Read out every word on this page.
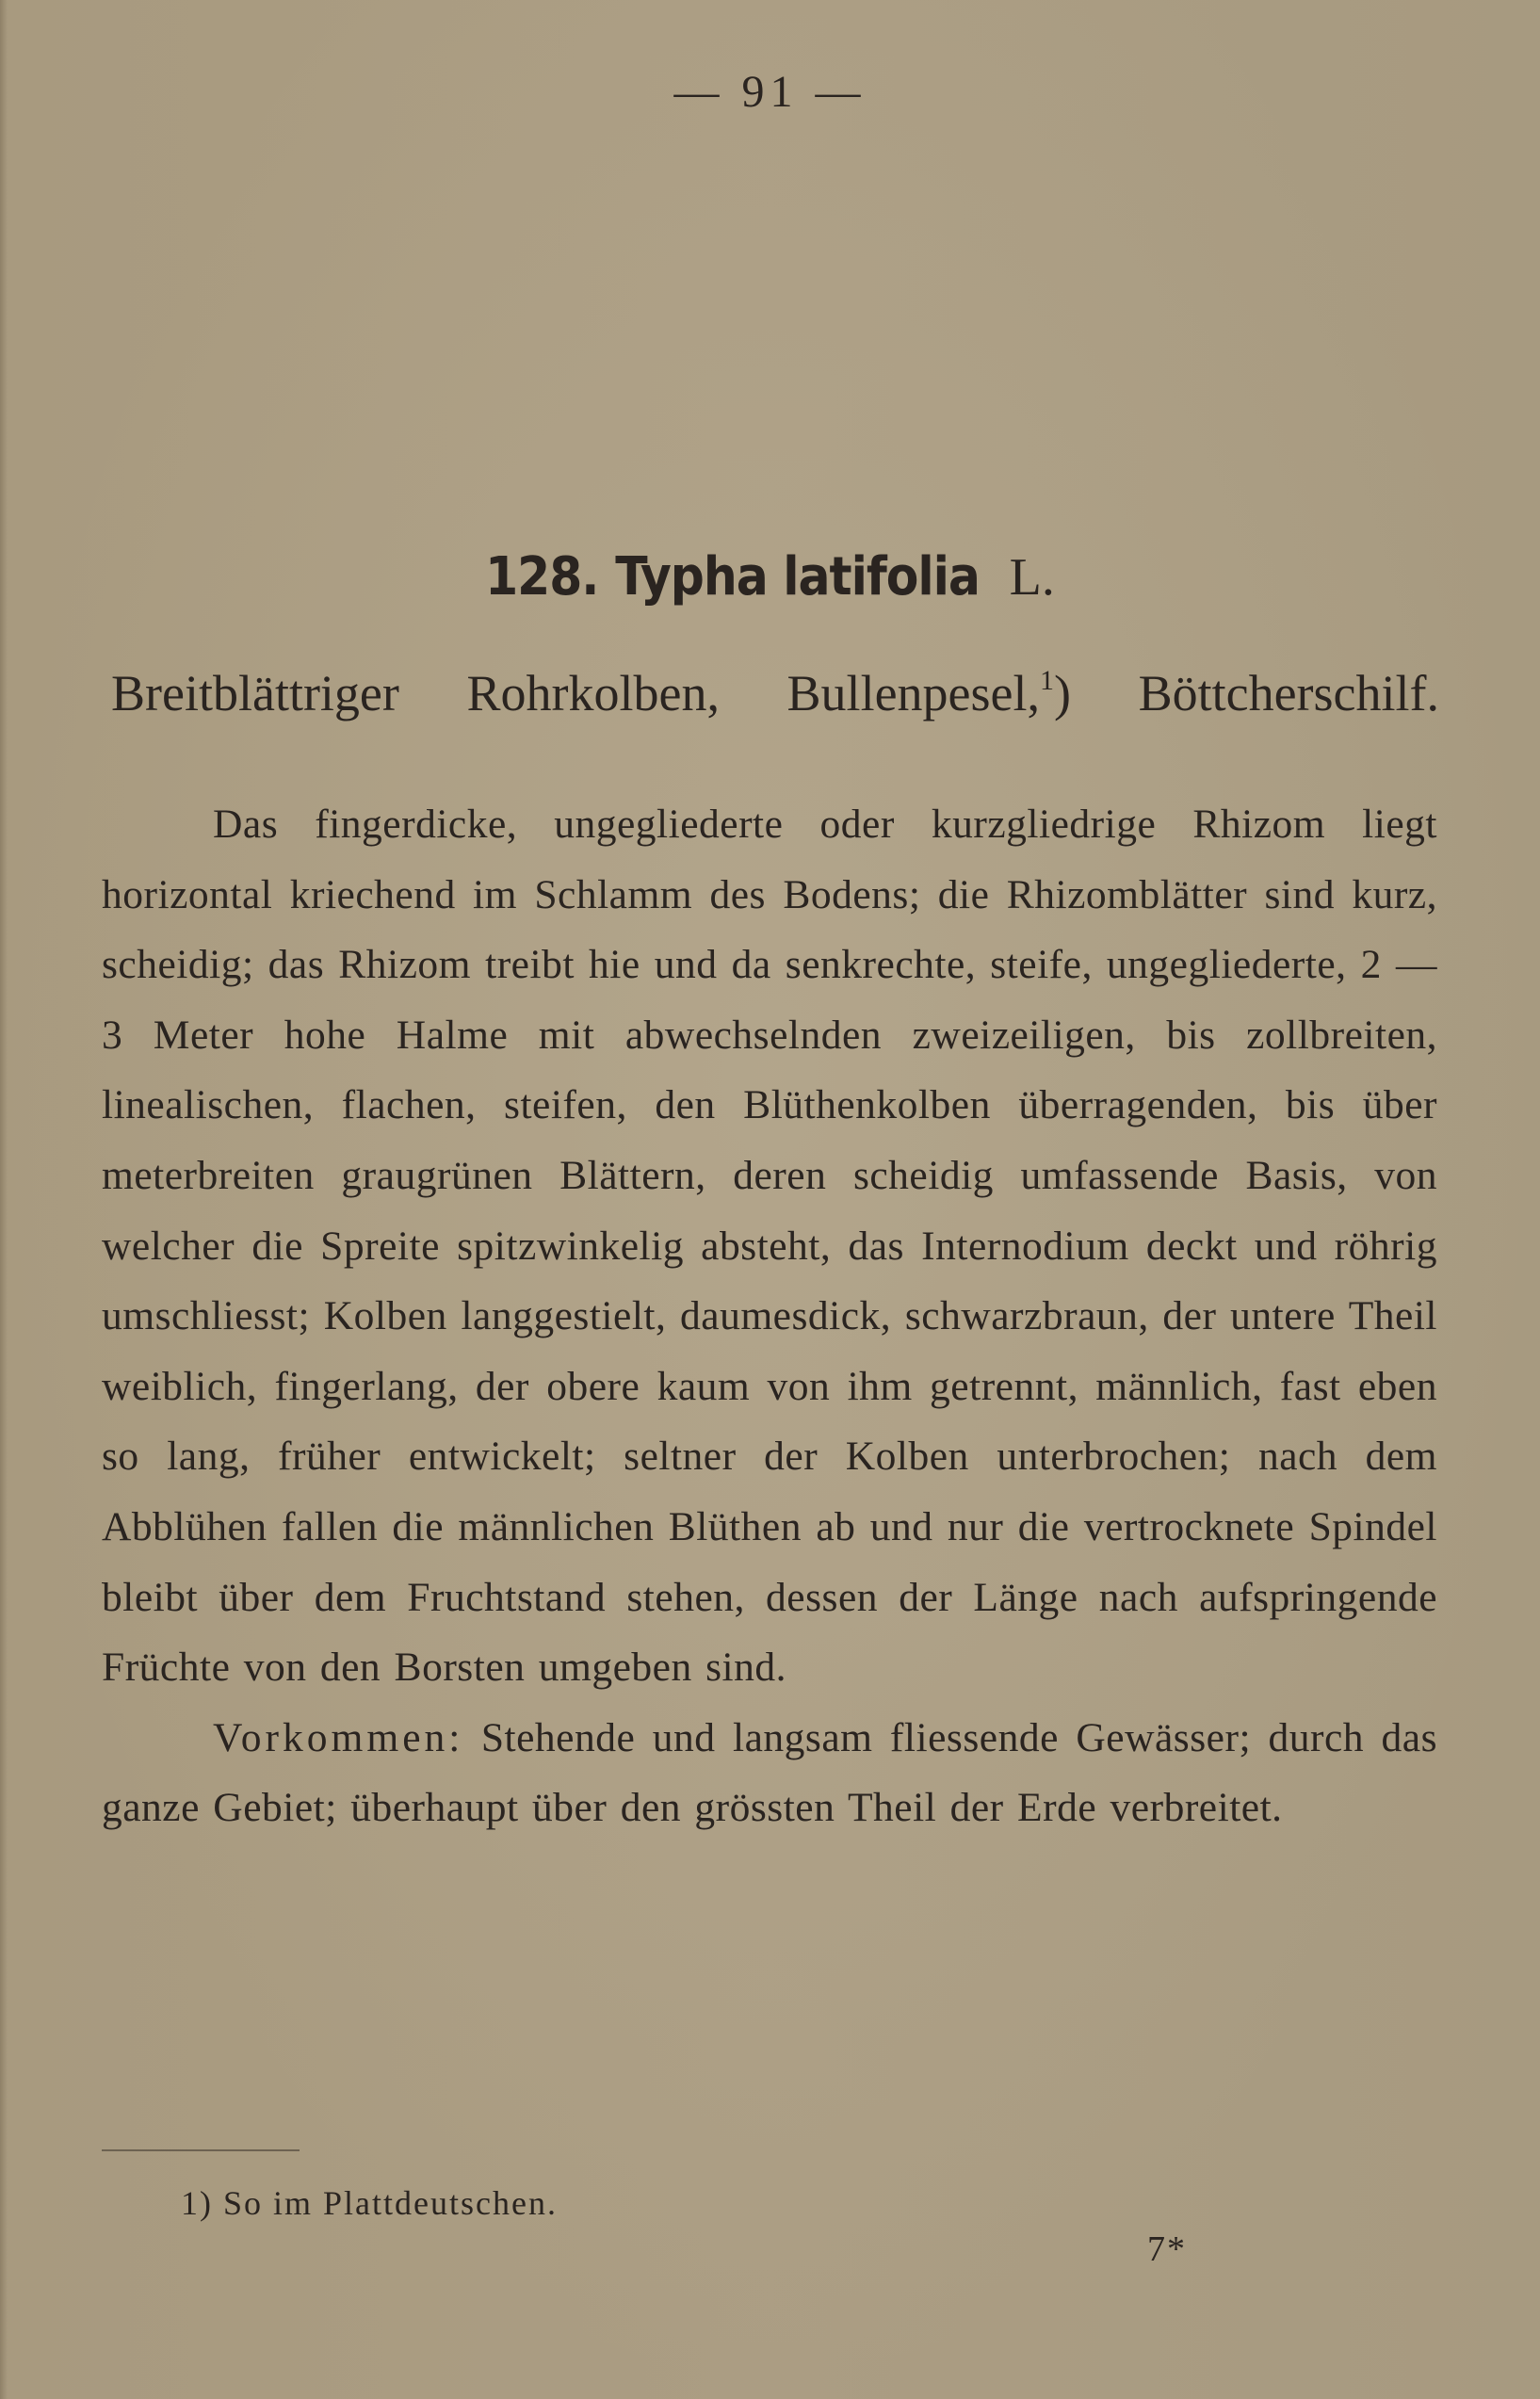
— 91 —
128. Typha latifolia L.
Breitblättriger Rohrkolben, Bullenpesel,$^1$) Böttcherschilf.

Das fingerdicke, ungegliederte oder kurzgliedrige Rhizom liegt horizontal kriechend im Schlamm des Bodens; die Rhizomblätter sind kurz, scheidig; das Rhizom treibt hie und da senkrechte, steife, ungegliederte, 2 — 3 Meter hohe Halme mit abwechselnden zweizeiligen, bis zollbreiten, linealischen, flachen, steifen, den Blüthenkolben überragenden, bis über meterbreiten graugrünen Blättern, deren scheidig umfassende Basis, von welcher die Spreite spitzwinkelig absteht, das Internodium deckt und röhrig umschliesst; Kolben langgestielt, daumesdick, schwarzbraun, der untere Theil weiblich, fingerlang, der obere kaum von ihm getrennt, männlich, fast eben so lang, früher entwickelt; seltner der Kolben unterbrochen; nach dem Abblühen fallen die männlichen Blüthen ab und nur die vertrocknete Spindel bleibt über dem Fruchtstand stehen, dessen der Länge nach aufspringende Früchte von den Borsten umgeben sind.

Vorkommen: Stehende und langsam fliessende Gewässer; durch das ganze Gebiet; überhaupt über den grössten Theil der Erde verbreitet.

1) So im Plattdeutschen.
7*
